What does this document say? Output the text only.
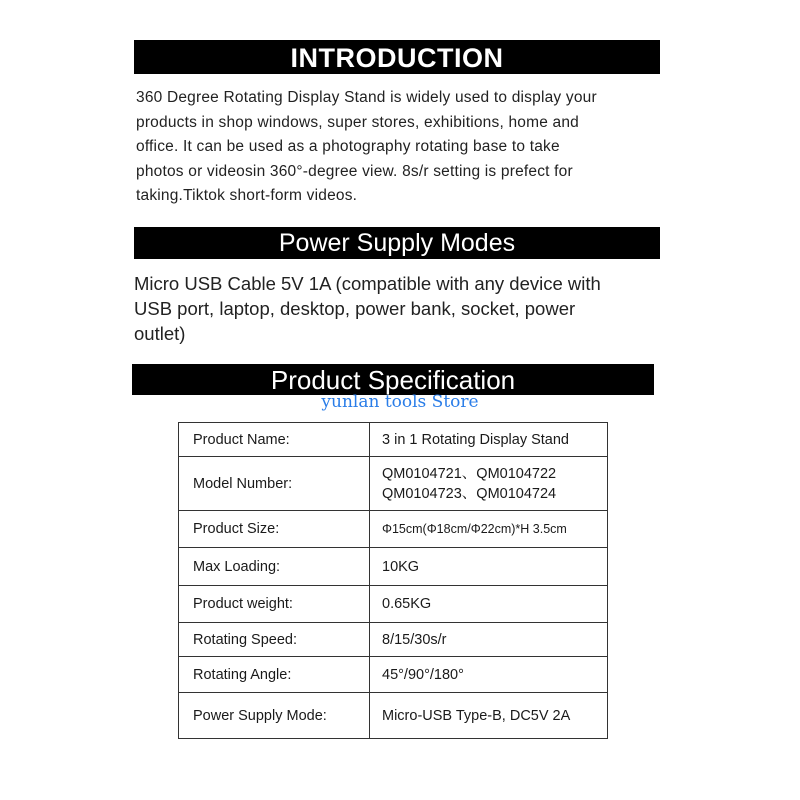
INTRODUCTION
360 Degree Rotating Display Stand is widely used to display your
products in shop windows, super stores, exhibitions, home and
office. It can be used as a photography rotating base to take
photos or videosin 360°-degree view. 8s/r setting is prefect for
taking.Tiktok short-form videos.
Power Supply Modes
Micro USB Cable 5V 1A (compatible with any device with
USB port, laptop, desktop, power bank, socket, power
outlet)
Product Specification
yunlan tools Store
Product Name:	3 in 1 Rotating Display Stand
Model Number:	QM0104721、QM0104722
QM0104723、QM0104724

Product Size:	Φ15cm(Φ18cm/Φ22cm)*H 3.5cm
Max Loading:	10KG
Product weight:	0.65KG
Rotating Speed:	8/15/30s/r
Rotating Angle:	45°/90°/180°
Power Supply Mode:	Micro-USB Type-B, DC5V 2A
